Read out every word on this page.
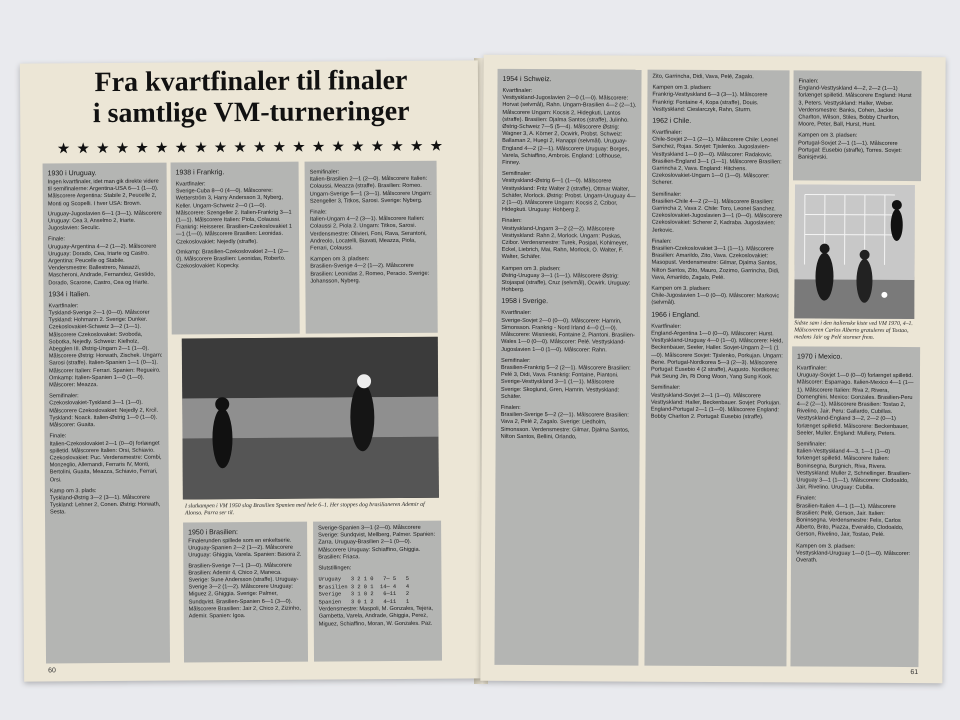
Fra kvartfinaler til finaler
i samtlige VM-turneringer
★ ★ ★ ★ ★ ★ ★ ★ ★ ★ ★ ★ ★ ★ ★ ★ ★ ★ ★ ★
1930 i Uruguay.

Ingen kvartfinaler, idet man gik direkte videre til semifinalerne: Argentina-USA 6—1 (1—0). Målscorere Argentina: Stabile 2, Peucelle 2, Monti og Scopelli. I hver USA: Brown.

Uruguay-Jugoslavien 6—1 (3—1). Målscorere Uruguay: Cea 3, Anselmo 2, Iriarte. Jugoslavien: Seculic.

Finale:

Uruguay-Argentina 4—2 (1—2). Målscorere Uruguay: Dorado, Cea, Iriarte og Castro. Argentina: Peucelle og Stabile. Vendersmestre: Ballestrero, Nasazzi, Mascheroni, Andrade, Fernandez, Gestido, Dorado, Scarone, Castro, Cea og Iriarte.

1934 i Italien.
Kvartfinaler:

Tyskland-Sverige 2—1 (0—0). Målscorer Tyskland: Hohmann 2. Sverige: Dunker. Czekoslovakiet-Schweiz 3—2 (1—1). Målscorere Czekoslovakiet: Svoboda, Sobotka, Nejedly. Schweiz: Kielholz, Abegglen III. Østrig-Ungarn 2—1 (1—0). Målscorere Østrig: Horwath, Zischek. Ungarn: Sarosi (straffe). Italien-Spanien 1—1 (0—1). Målscorer Italien: Ferrari. Spanien: Regueiro. Omkamp: Italien-Spanien 1—0 (1—0). Målscorer: Meazza.

Semifinaler:

Czekoslovakiet-Tyskland 3—1 (1—0). Målscorere Czekoslovakiet: Nejedly 2, Krcil. Tyskland: Noack. Italien-Østrig 1—0 (1—0). Målscorer: Guaita.

Finale:

Italien-Czekoslovakiet 2—1 (0—0) forlænget spilletid. Målscorere Italien: Orsi, Schiavio. Czekoslovakiet: Puc. Verdensmestre: Combi, Monzeglio, Allemandi, Ferraris IV, Monti, Bertolini, Guaita, Meazza, Schiavio, Ferrari, Orsi.

Kamp om 3. plads:

Tyskland-Østrig 3—2 (3—1). Målscorere Tyskland: Lehner 2, Conen. Østrig: Horwath, Sesta.

1938 i Frankrig.
Kvartfinaler:

Sverige-Cuba 8—0 (4—0). Målscorere: Wetterström 3, Harry Andersson 3, Nyberg, Keller. Ungarn-Schweiz 2—0 (1—0). Målscorere: Szengeller 2. Italien-Frankrig 3—1 (1—1). Målscorere Italien: Piola, Colaussi. Frankrig: Heisserer. Brasilien-Czekoslovakiet 1—1 (1—0). Målscorere Brasilien: Leonidas. Czekoslovakiet: Nejedly (straffe).

Omkamp: Brasilien-Czekoslovakiet 2—1 (2—0). Målscorere Brasilien: Leonidas, Roberto. Czekoslovakiet: Kopecky.

Semifinaler:

Italien-Brasilien 2—1 (2—0). Målscorere Italien: Colaussi, Meazza (straffe). Brasilien: Romeo. Ungarn-Sverige 5—1 (3—1). Målscorere Ungarn: Szengeller 3, Titkos, Sarosi. Sverige: Nyberg.

Finale:

Italien-Ungarn 4—2 (3—1). Målscorere Italien: Colaussi 2, Piola 2. Ungarn: Titkos, Sarosi. Verdensmestre: Olivieri, Foni, Rava, Serantoni, Andreolo, Locatelli, Biavati, Meazza, Piola, Ferrari, Colaussi.

Kampen om 3. pladsen:

Brasilien-Sverige 4—2 (1—2). Målscorere Brasilien: Leonidas 2, Romeo, Peracio. Sverige: Johansson, Nyberg.

I slutkampen i VM 1950 slog Brasilien Spanien med hele 6–1. Her stoppes dog brasilianeren Ademir af Alonso. Parra ser til.
1950 i Brasilien:

Finalerunden spillede som en enkeltserie. Uruguay-Spanien 2—2 (1—2). Målscorere Uruguay: Ghiggia, Varela. Spanien: Basora 2.

Brasilien-Sverige 7—1 (3—0). Målscorere Brasilien: Ademir 4, Chico 2, Maneca. Sverige: Sune Andersson (straffe). Uruguay-Sverige 3—2 (1—2). Målscorere Uruguay: Miguez 2, Ghiggia. Sverige: Palmer, Sundqvist. Brasilien-Spanien 6—1 (3—0). Målscorere Brasilien: Jair 2, Chico 2, Zizinho, Ademir. Spanien: Igoa.

Sverige-Spanien 3—1 (2—0). Målscorere Sverige: Sundqvist, Mellberg, Palmer. Spanien: Zarra. Uruguay-Brasilien 2—1 (0—0). Målscorere Uruguay: Schiaffino, Ghiggia. Brasilien: Friaca.

Slutstillingen:
Uruguay   3 2 1 0   7— 5   5
Brasilien 3 2 0 1  14— 4   4
Sverige   3 1 0 2   6—11   2
Spanien   3 0 1 2   4—11   1

Verdensmestre: Maspoli, M. Gonzales, Tejera, Gambetta, Varela, Andrade, Ghiggia, Perez, Miguez, Schiaffino, Moran, W. Gonzales. Paz.

60
1954 i Schweiz.
Kvartfinaler:

Vesttyskland-Jugoslavien 2—0 (1—0). Målscorere: Horvat (selvmål), Rahn. Ungarn-Brasilien 4—2 (2—1). Målscorere Ungarn: Kocsis 2, Hidegkuti, Lantos (straffe). Brasilien: Djalma Santos (straffe), Julinho. Østrig-Schweiz 7—5 (5—4). Målscorere Østrig: Wagner 3, A. Körner 2, Ocwirk, Probst. Schweiz: Ballaman 2, Huegi 2, Hanappi (selvmål). Uruguay-England 4—2 (2—1). Målscorere Uruguay: Borges, Varela, Schiaffino, Ambrois. England: Lofthouse, Finney.

Semifinaler:

Vesttyskland-Østrig 6—1 (1—0). Målscorere Vesttyskland: Fritz Walter 2 (straffe), Ottmar Walter, Schäfer, Morlock. Østrig: Probst. Ungarn-Uruguay 4—2 (1—0). Målscorere Ungarn: Kocsis 2, Czibor, Hidegkuti. Uruguay: Hohberg 2.

Finalen:

Vesttyskland-Ungarn 3—2 (2—2). Målscorere Vesttyskland: Rahn 2, Morlock. Ungarn: Puskas, Czibor. Verdensmestre: Turek, Posipal, Kohlmeyer, Eckel, Liebrich, Mai, Rahn, Morlock, O. Walter, F. Walter, Schäfer.

Kampen om 3. pladsen:

Østrig-Uruguay 3—1 (1—1). Målscorere Østrig: Stojaspal (straffe), Cruz (selvmål), Ocwirk. Uruguay: Hohberg.

1958 i Sverige.
Kvartfinaler:

Sverige-Sovjet 2—0 (0—0). Målscorere: Hamrin, Simonsson. Frankrig - Nord Irland 4—0 (1—0). Målscorere: Wisnieski, Fontaine 2, Piantoni. Brasilien-Wales 1—0 (0—0). Målscorer: Pelé. Vesttyskland-Jugoslavien 1—0 (1—0). Målscorer: Rahn.

Semifinaler:

Brasilien-Frankrig 5—2 (2—1). Målscorere Brasilien: Pelé 3, Didi, Vava. Frankrig: Fontaine, Piantoni. Sverige-Vesttyskland 3—1 (1—1). Målscorere Sverige: Skoglund, Gren, Hamrin. Vesttyskland: Schäfer.

Finalen:

Brasilien-Sverige 5—2 (2—1). Målscorere Brasilien: Vava 2, Pelé 2, Zagalo. Sverige: Liedholm, Simonsson. Verdensmestre: Gilmar, Djalma Santos, Nilton Santos, Bellini, Orlando,

Zito, Garrincha, Didi, Vava, Pelé, Zagalo.

Kampen om 3. pladsen:

Frankrig-Vesttyskland 6—3 (3—1). Målscorere Frankrig: Fontaine 4, Kopa (straffe), Douis. Vesttyskland: Cieslarczyk, Rahn, Sturm.

1962 i Chile.
Kvartfinaler:

Chile-Sovjet 2—1 (2—1). Målscorere Chile: Leonel Sanchez, Rojas. Sovjet: Tjislenko. Jugoslavien-Vesttyskland 1—0 (0—0). Målscorer: Radakovic. Brasilien-England 3—1 (1—1). Målscorere Brasilien: Garrincha 2, Vava. England: Hitchens. Czekoslovakiet-Ungarn 1—0 (1—0). Målscorer: Scherer.

Semifinaler:

Brasilien-Chile 4—2 (2—1). Målscorere Brasilien: Garrincha 2, Vava 2. Chile: Toro, Leonel Sanchez. Czekoslovakiet-Jugoslavien 3—1 (0—0). Målscorere Czekoslovakiet: Scherer 2, Kadraba. Jugoslavien: Jerkovic.

Finalen:

Brasilien-Czekoslovakiet 3—1 (1—1). Målscorere Brasilien: Amarildo, Zito, Vava. Czekoslovakiet: Masopust. Verdensmestre: Gilmar, Djalma Santos, Nilton Santos, Zito, Mauro, Zozimo, Garrincha, Didi, Vava, Amarildo, Zagalo, Pelé.

Kampen om 3. pladsen:

Chile-Jugoslavien 1—0 (0—0). Målscorer: Markovic (selvmål).

1966 i England.
Kvartfinaler:

England-Argentina 1—0 (0—0). Målscorer: Hurst. Vesttyskland-Uruguay 4—0 (1—0). Målscorere: Held, Beckenbauer, Seeler, Haller. Sovjet-Ungarn 2—1 (1—0). Målscorere Sovjet: Tjislenko, Porkujan. Ungarn: Bene. Portugal-Nordkorea 5—3 (2—3). Målscorere Portugal: Eusebio 4 (2 straffe), Augusto. Nordkorea: Pak Seung Jin, Ri Dong Woon, Yang Sung Kook.

Semifinaler:

Vesttyskland-Sovjet 2—1 (1—0). Målscorere Vesttyskland: Haller, Beckenbauer. Sovjet: Porkujan. England-Portugal 2—1 (1—0). Målscorere England: Bobby Charlton 2. Portugal: Eusebio (straffe).

Finalen:

England-Vesttyskland 4—2, 2—2 (1—1) forlænget spilletid. Målscorere England: Hurst 3, Peters. Vesttyskland: Haller, Weber. Verdensmestre: Banks, Cohen, Jackie Charlton, Wilson, Stiles, Bobby Charlton, Moore, Peter, Ball, Hurst, Hunt.

Kampen om 3. pladsen:

Portugal-Sovjet 2—1 (1—1). Målscorere Portugal: Eusebio (straffe), Torres. Sovjet: Banisjevski.

Sidste sam i den italienske kiste ved VM 1970, 4–1. Målscoreren Carlos Alberto gratuleres af Tostao, medens Jair og Pelé stormer frem.
1970 i Mexico.
Kvartfinaler:

Uruguay-Sovjet 1—0 (0—0) forlænget spilletid. Målscorer: Esparrago. Italien-Mexico 4—1 (1—1). Målscorere Italien: Riva 2, Rivera, Domenghini. Mexico: Gonzales. Brasilien-Peru 4—2 (2—1). Målscorere Brasilien: Tostao 2, Rivelino, Jair. Peru: Gallardo, Cubillas. Vesttyskland-England 3—2, 2—2 (0—1) forlænget spilletid. Målscorere: Beckenbauer, Seeler, Muller. England: Mullery, Peters.

Semifinaler:

Italien-Vesttyskland 4—3, 1—1 (1—0) forlænget spilletid. Målscorere Italien: Boninsegna, Burgnich, Riva, Rivera. Vesttyskland: Muller 2, Schnellinger. Brasilien-Uruguay 3—1 (1—1). Målscorere: Clodoaldo, Jair, Rivelino. Uruguay: Cubilla.

Finalen:

Brasilien-Italien 4—1 (1—1). Målscorere Brasilien: Pelé, Gerson, Jair. Italien: Boninsegna. Verdensmestre: Felix, Carlos Alberto, Brito, Piazza, Everaldo, Clodoaldo, Gerson, Rivelino, Jair, Tostao, Pelé.

Kampen om 3. pladsen:

Vesttyskland-Uruguay 1—0 (1—0). Målscorer: Overath.

61
